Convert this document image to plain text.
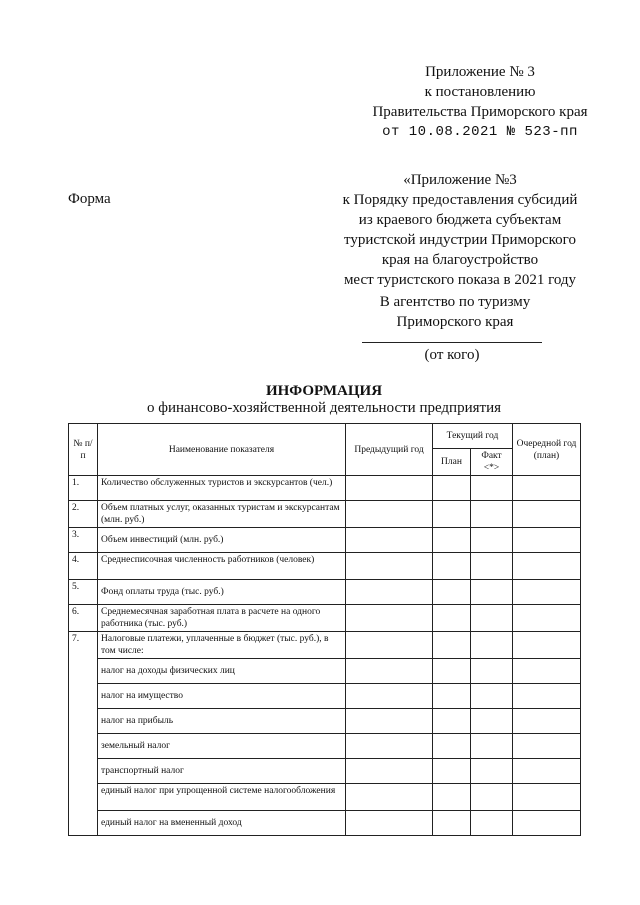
Приложение № 3
к постановлению
Правительства Приморского края
от 10.08.2021 № 523-пп
Форма
«Приложение №3
к Порядку предоставления субсидий
из краевого бюджета субъектам
туристской индустрии Приморского
края на благоустройство
мест туристского показа в 2021 году
В агентство по туризму
Приморского края
(от кого)
ИНФОРМАЦИЯ
о финансово-хозяйственной деятельности предприятия
№ п/п	Наименование показателя	Предыдущий год	Текущий год		Очередной год (план)
			План	Факт <*>	
1.	Количество обслуженных туристов и экскурсантов (чел.)				
2.	Объем платных услуг, оказанных туристам и экскурсантам (млн. руб.)				
3.	Объем инвестиций (млн. руб.)				
4.	Среднесписочная численность работников (человек)				
5.	Фонд оплаты труда (тыс. руб.)				
6.	Среднемесячная заработная плата в расчете на одного работника (тыс. руб.)				
7.	Налоговые платежи, уплаченные в бюджет (тыс. руб.), в том числе:				
	налог на доходы физических лиц				
	налог на имущество				
	налог на прибыль				
	земельный налог				
	транспортный налог				
	единый налог при упрощенной системе налогообложения				
	единый налог на вмененный доход				
